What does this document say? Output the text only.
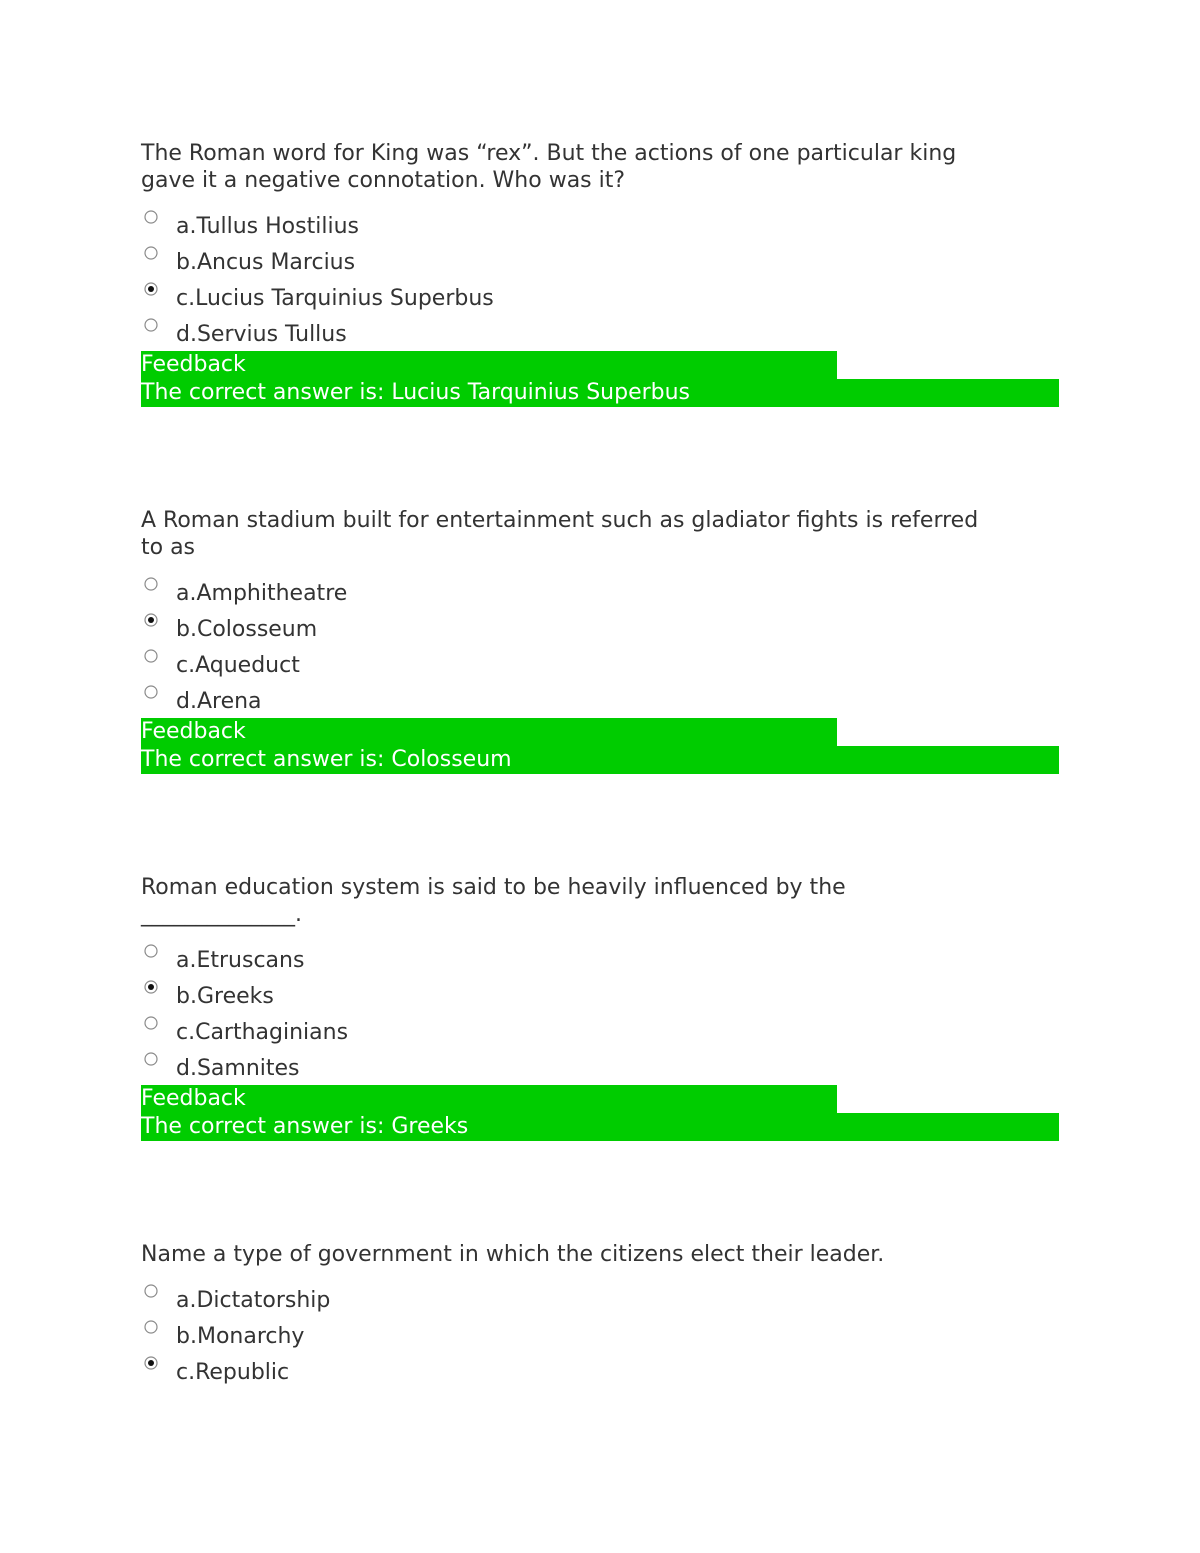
The Roman word for King was “rex”. But the actions of one particular king
gave it a negative connotation. Who was it?

a.Tullus Hostilius
b.Ancus Marcius
c.Lucius Tarquinius Superbus
d.Servius Tullus
Feedback
The correct answer is: Lucius Tarquinius Superbus

A Roman stadium built for entertainment such as gladiator fights is referred
to as

a.Amphitheatre
b.Colosseum
c.Aqueduct
d.Arena
Feedback
The correct answer is: Colosseum

Roman education system is said to be heavily influenced by the
______________.

a.Etruscans
b.Greeks
c.Carthaginians
d.Samnites
Feedback
The correct answer is: Greeks

Name a type of government in which the citizens elect their leader.

a.Dictatorship
b.Monarchy
c.Republic
